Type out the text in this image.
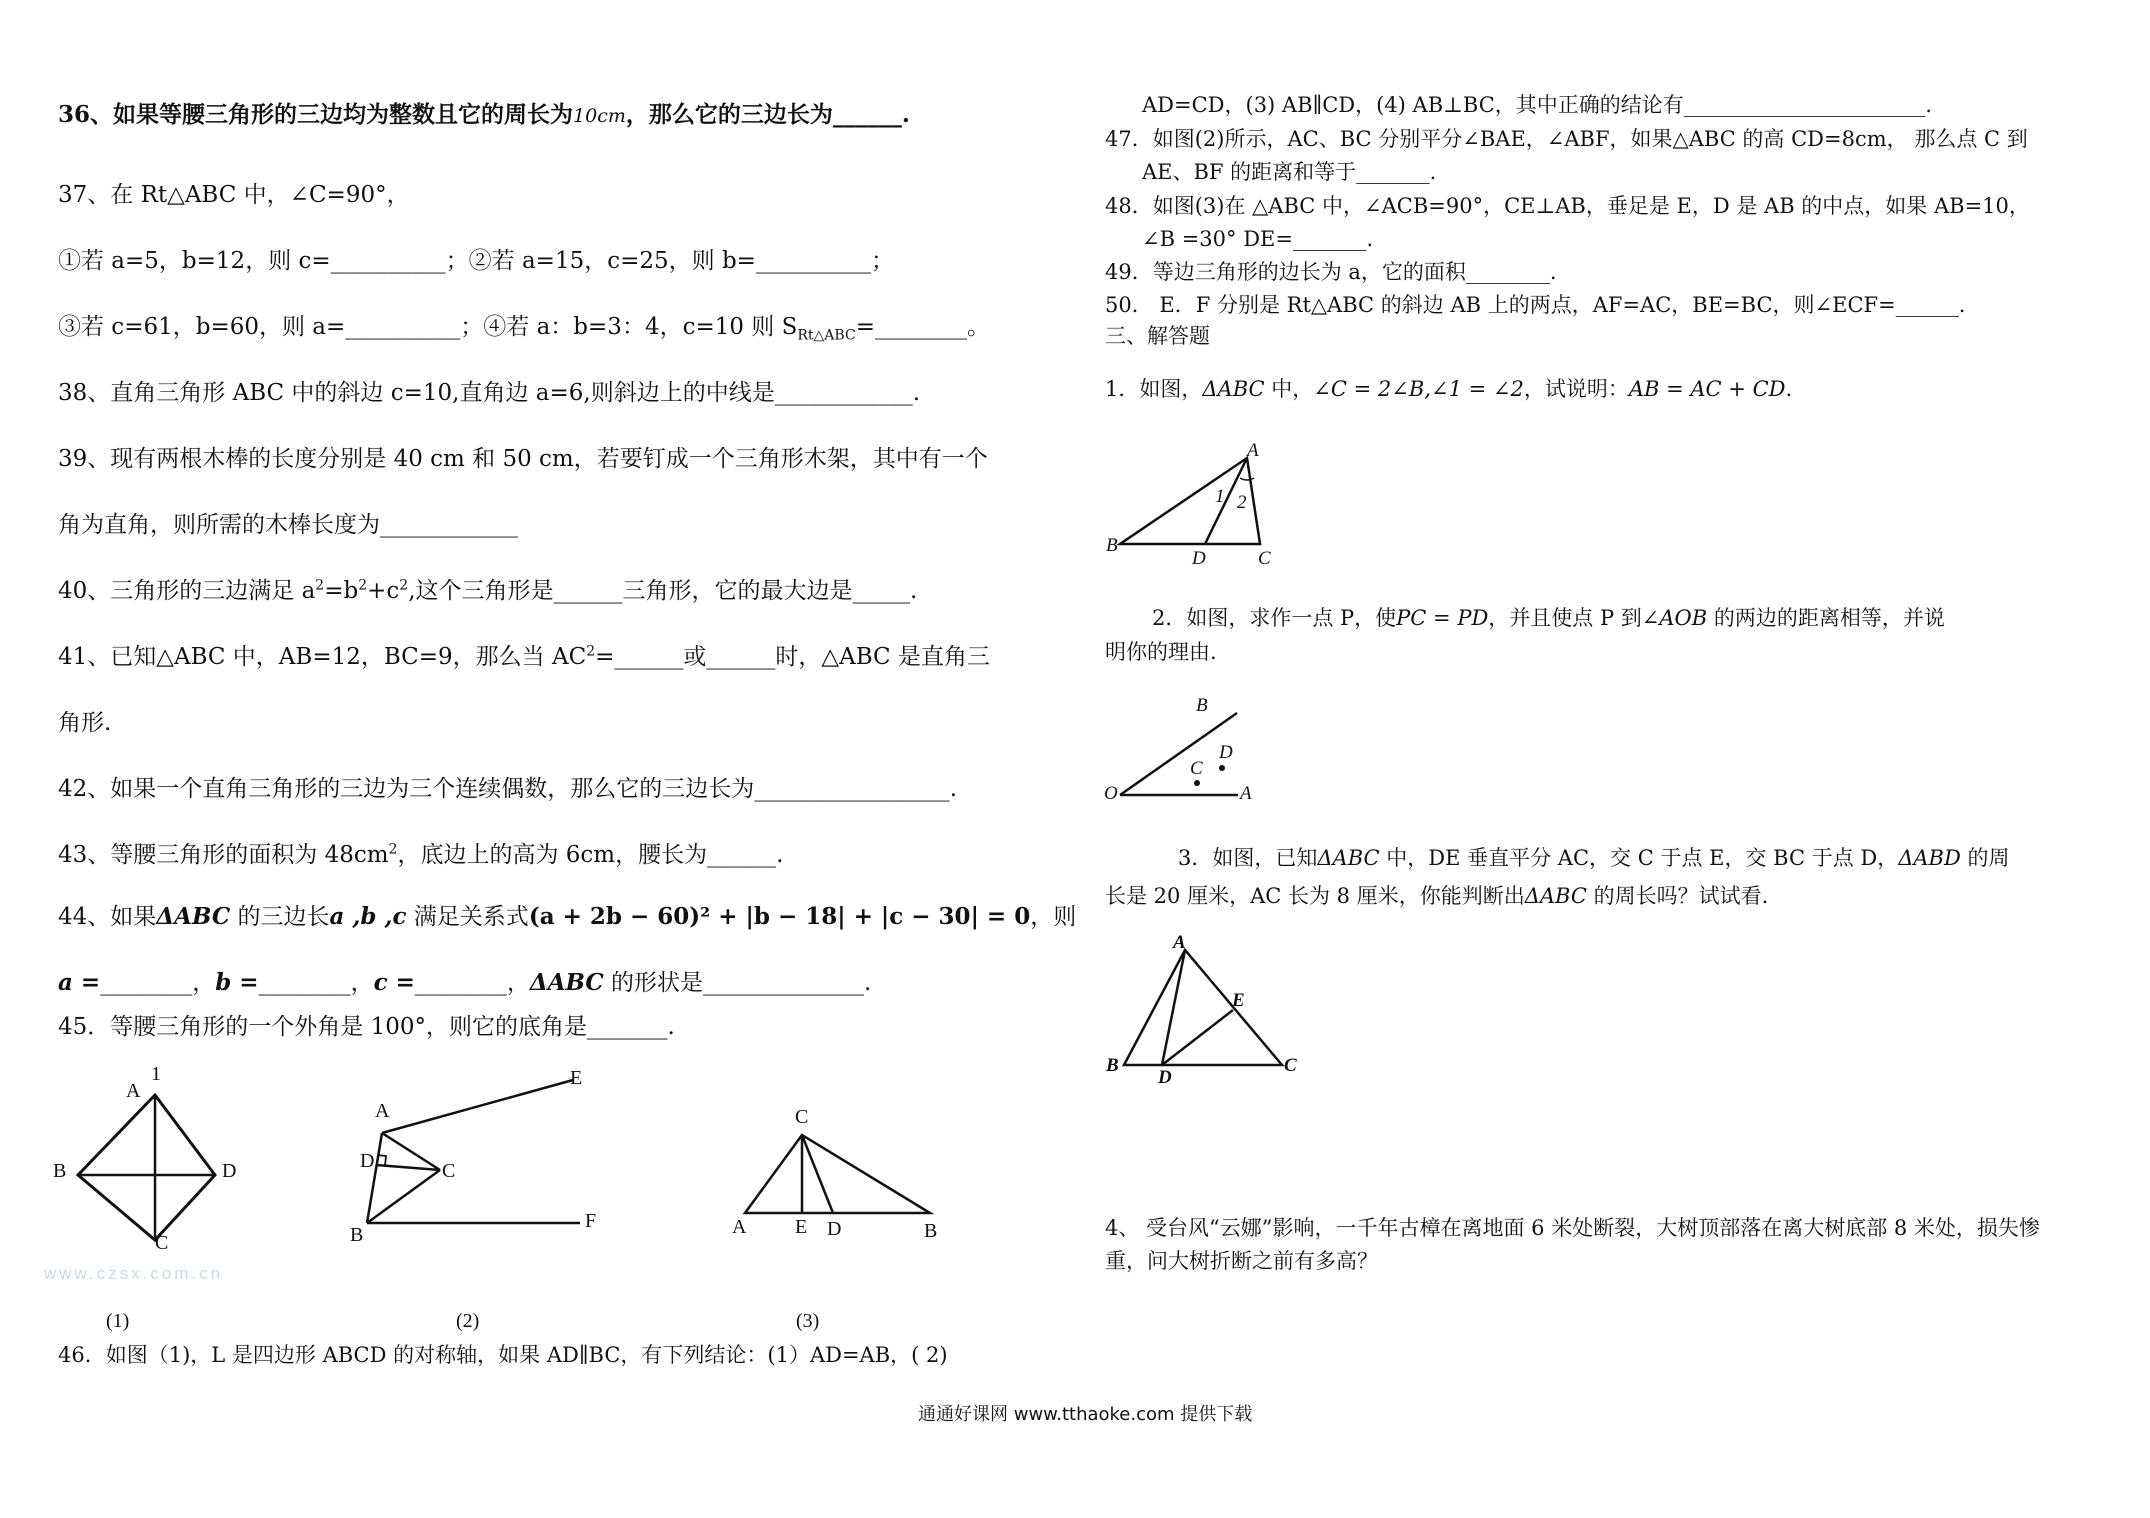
36、如果等腰三角形的三边均为整数且它的周长为10cm，那么它的三边长为______.
37、在 Rt△ABC 中，∠C=90°，
①若 a=5，b=12，则 c=__________；②若 a=15，c=25，则 b=__________；
③若 c=61，b=60，则 a=__________；④若 a：b=3：4，c=10 则 $S_{Rt\triangle ABC}=\_\_\_\_\_\_\_\_$。
38、直角三角形 ABC 中的斜边 c=10,直角边 a=6,则斜边上的中线是____________.
39、现有两根木棒的长度分别是 40 cm 和 50 cm，若要钉成一个三角形木架，其中有一个
角为直角，则所需的木棒长度为____________
40、三角形的三边满足 $a^2=b^2+c^2$,这个三角形是______三角形，它的最大边是_____.
41、已知△ABC 中，AB=12，BC=9，那么当 $AC^2=\_\_\_\_\_\_$或______时，△ABC 是直角三
角形.
42、如果一个直角三角形的三边为三个连续偶数，那么它的三边长为_________________.
43、等腰三角形的面积为 $48cm^2$，底边上的高为 6cm，腰长为______.
44、如果ΔABC 的三边长a ,b ,c 满足关系式(a + 2b − 60)² + |b − 18| + |c − 30| = 0，则
a =________，b =________，c =________，ΔABC 的形状是______________.
45．等腰三角形的一个外角是 100°，则它的底角是_______.
A
1
B	D
C
www.czsx.com.cn
(1)
A
E
D	C
B
F
(2)
C
A E D	B
(3)
46．如图（1)，L 是四边形 ABCD 的对称轴，如果 AD∥BC，有下列结论：(1）AD=AB，( 2)
AD=CD，(3) AB∥CD，(4) AB⊥BC，其中正确的结论有_______________________.
47．如图(2)所示，AC、BC 分别平分∠BAE，∠ABF，如果△ABC 的高 CD=8cm， 那么点 C 到
AE、BF 的距离和等于_______.
48．如图(3)在 △ABC 中，∠ACB=90°，CE⊥AB，垂足是 E，D 是 AB 的中点，如果 AB=10，
∠B =30° DE=_______.
49．等边三角形的边长为 a，它的面积________.
50． E．F 分别是 Rt△ABC 的斜边 AB 上的两点，AF=AC，BE=BC，则∠ECF=______.
三、解答题
1．如图，ΔABC 中，∠C = 2∠B,∠1 = ∠2，试说明：AB = AC + CD.
A
B
D	C
1 2
2．如图，求作一点 P，使PC = PD，并且使点 P 到∠AOB 的两边的距离相等，并说
明你的理由.
B
O	A
C
D
3．如图，已知ΔABC 中，DE 垂直平分 AC，交 C 于点 E，交 BC 于点 D，ΔABD 的周
长是 20 厘米，AC 长为 8 厘米，你能判断出ΔABC 的周长吗？试试看.
A
E
B
D
C
4、 受台风“云娜”影响，一千年古樟在离地面 6 米处断裂，大树顶部落在离大树底部 8 米处，损失惨
重，问大树折断之前有多高？
通通好课网 www.tthaoke.com 提供下载
